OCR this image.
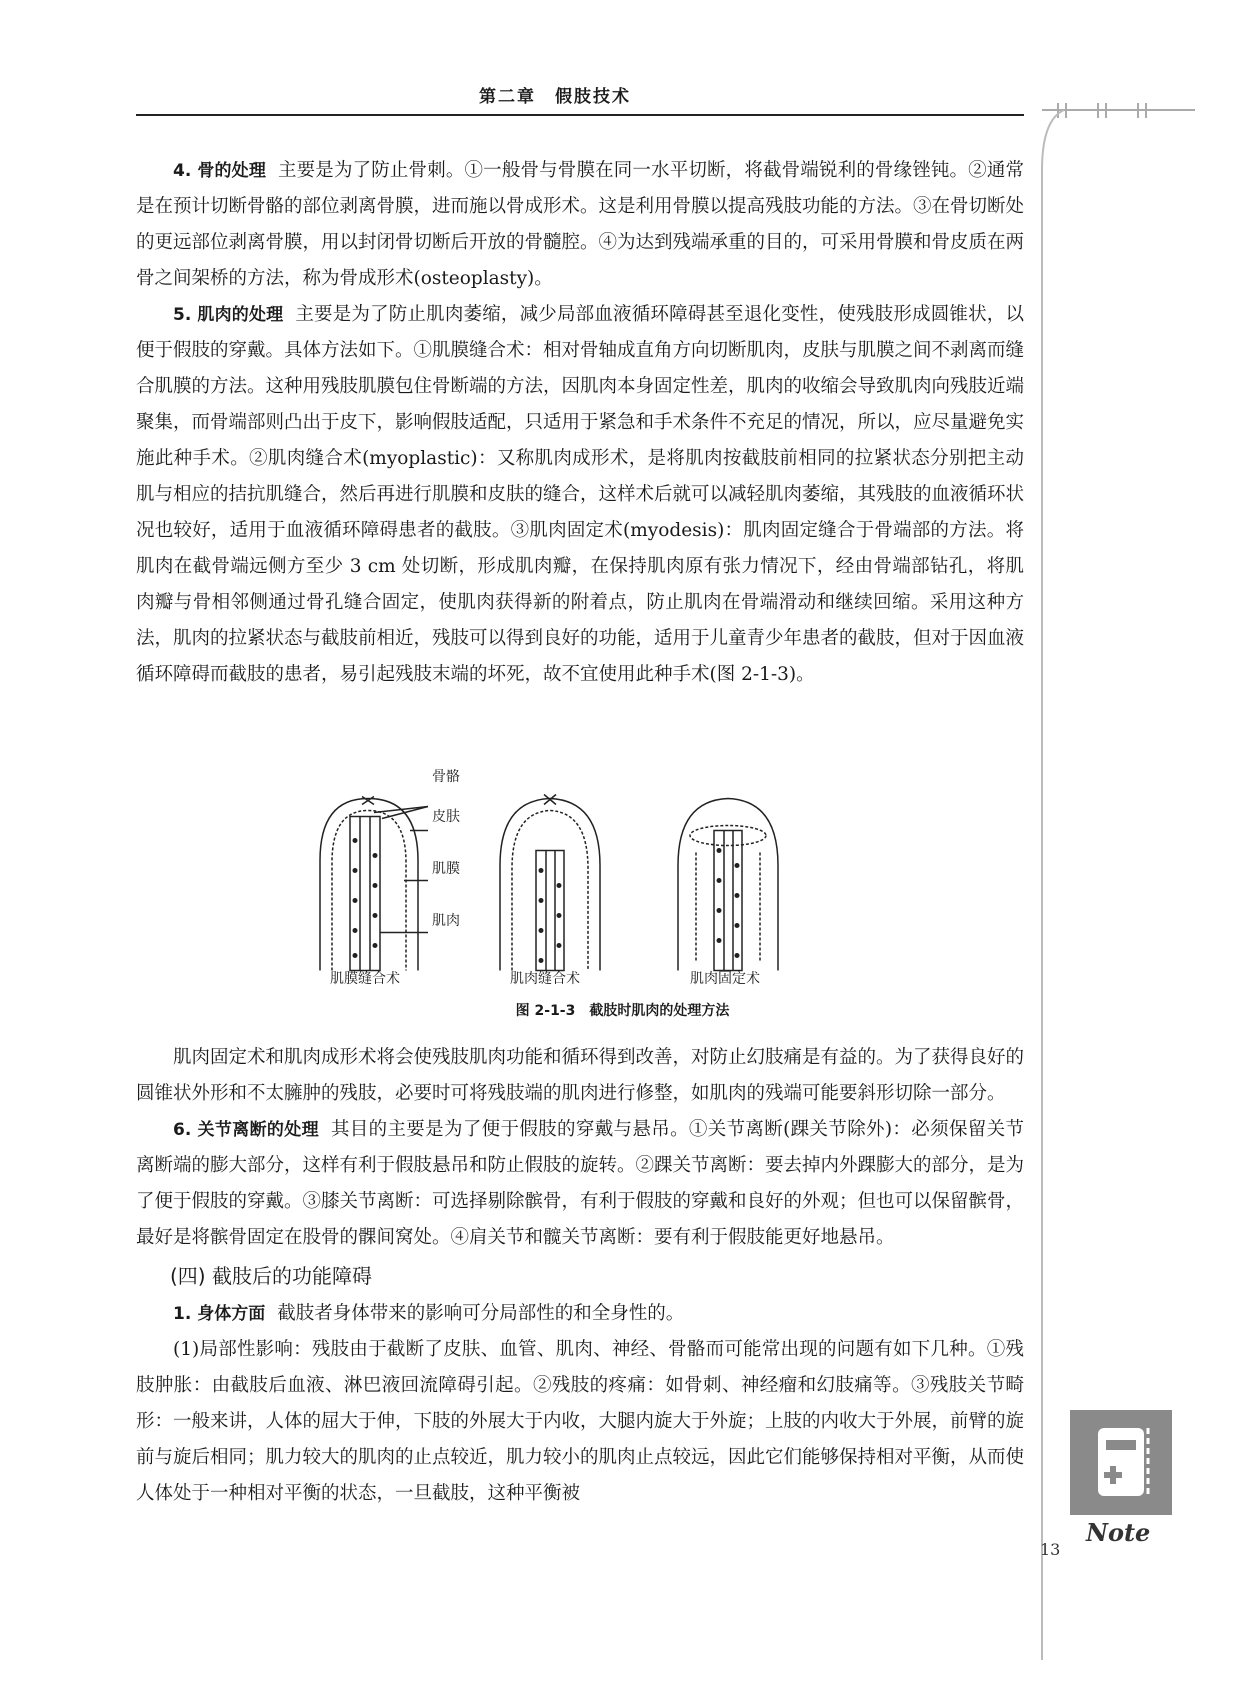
第二章　假肢技术

4. 骨的处理 主要是为了防止骨刺。①一般骨与骨膜在同一水平切断，将截骨端锐利的骨缘锉钝。②通常是在预计切断骨骼的部位剥离骨膜，进而施以骨成形术。这是利用骨膜以提高残肢功能的方法。③在骨切断处的更远部位剥离骨膜，用以封闭骨切断后开放的骨髓腔。④为达到残端承重的目的，可采用骨膜和骨皮质在两骨之间架桥的方法，称为骨成形术(osteoplasty)。

5. 肌肉的处理 主要是为了防止肌肉萎缩，减少局部血液循环障碍甚至退化变性，使残肢形成圆锥状，以便于假肢的穿戴。具体方法如下。①肌膜缝合术：相对骨轴成直角方向切断肌肉，皮肤与肌膜之间不剥离而缝合肌膜的方法。这种用残肢肌膜包住骨断端的方法，因肌肉本身固定性差，肌肉的收缩会导致肌肉向残肢近端聚集，而骨端部则凸出于皮下，影响假肢适配，只适用于紧急和手术条件不充足的情况，所以，应尽量避免实施此种手术。②肌肉缝合术(myoplastic)：又称肌肉成形术，是将肌肉按截肢前相同的拉紧状态分别把主动肌与相应的拮抗肌缝合，然后再进行肌膜和皮肤的缝合，这样术后就可以减轻肌肉萎缩，其残肢的血液循环状况也较好，适用于血液循环障碍患者的截肢。③肌肉固定术(myodesis)：肌肉固定缝合于骨端部的方法。将肌肉在截骨端远侧方至少 3 cm 处切断，形成肌肉瓣，在保持肌肉原有张力情况下，经由骨端部钻孔，将肌肉瓣与骨相邻侧通过骨孔缝合固定，使肌肉获得新的附着点，防止肌肉在骨端滑动和继续回缩。采用这种方法，肌肉的拉紧状态与截肢前相近，残肢可以得到良好的功能，适用于儿童青少年患者的截肢，但对于因血液循环障碍而截肢的患者，易引起残肢末端的坏死，故不宜使用此种手术(图 2-1-3)。

骨骼
皮肤
肌膜
肌肉
肌膜缝合术	肌肉缝合术	肌肉固定术
图 2-1-3　截肢时肌肉的处理方法

肌肉固定术和肌肉成形术将会使残肢肌肉功能和循环得到改善，对防止幻肢痛是有益的。为了获得良好的圆锥状外形和不太臃肿的残肢，必要时可将残肢端的肌肉进行修整，如肌肉的残端可能要斜形切除一部分。

6. 关节离断的处理 其目的主要是为了便于假肢的穿戴与悬吊。①关节离断(踝关节除外)：必须保留关节离断端的膨大部分，这样有利于假肢悬吊和防止假肢的旋转。②踝关节离断：要去掉内外踝膨大的部分，是为了便于假肢的穿戴。③膝关节离断：可选择剔除髌骨，有利于假肢的穿戴和良好的外观；但也可以保留髌骨，最好是将髌骨固定在股骨的髁间窝处。④肩关节和髋关节离断：要有利于假肢能更好地悬吊。

(四) 截肢后的功能障碍

1. 身体方面 截肢者身体带来的影响可分局部性的和全身性的。

(1)局部性影响：残肢由于截断了皮肤、血管、肌肉、神经、骨骼而可能常出现的问题有如下几种。①残肢肿胀：由截肢后血液、淋巴液回流障碍引起。②残肢的疼痛：如骨刺、神经瘤和幻肢痛等。③残肢关节畸形：一般来讲，人体的屈大于伸，下肢的外展大于内收，大腿内旋大于外旋；上肢的内收大于外展，前臂的旋前与旋后相同；肌力较大的肌肉的止点较近，肌力较小的肌肉止点较远，因此它们能够保持相对平衡，从而使人体处于一种相对平衡的状态，一旦截肢，这种平衡被

Note
13
